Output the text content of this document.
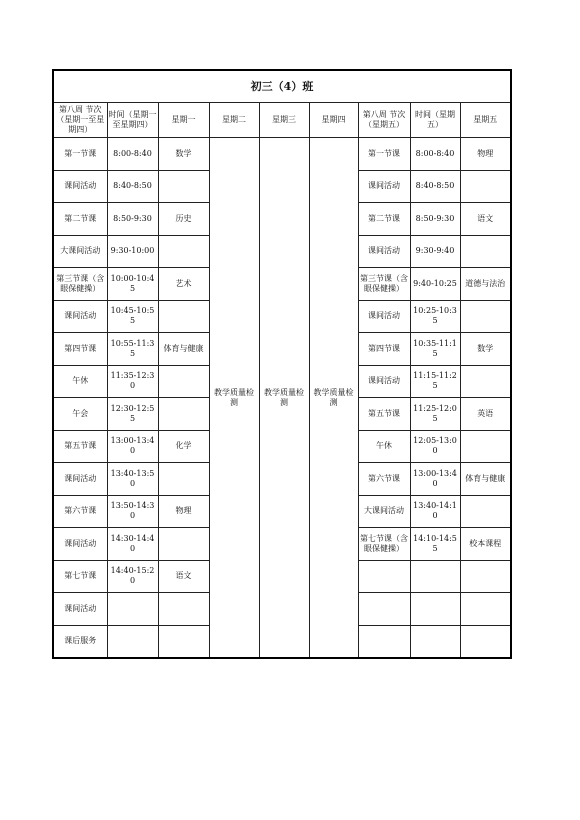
初三（4）班								
第八周 节次（星期一至星期四）	时间（星期一至星期四）	星期一	星期二	星期三	星期四	第八周 节次（星期五）	时间（星期五）	星期五
第一节课	8:00-8:40	数学	教学质量检测	教学质量检测	教学质量检测	第一节课	8:00-8:40	物理
课间活动	8:40-8:50					课间活动	8:40-8:50	
第二节课	8:50-9:30	历史				第二节课	8:50-9:30	语文
大课间活动	9:30-10:00					课间活动	9:30-9:40	
第三节课（含眼保健操）	10:00-10:45	艺术				第三节课（含眼保健操）	9:40-10:25	道德与法治
课间活动	10:45-10:55					课间活动	10:25-10:35	
第四节课	10:55-11:35	体育与健康				第四节课	10:35-11:15	数学
午休	11:35-12:30					课间活动	11:15-11:25	
午会	12:30-12:55					第五节课	11:25-12:05	英语
第五节课	13:00-13:40	化学				午休	12:05-13:00	
课间活动	13:40-13:50					第六节课	13:00-13:40	体育与健康
第六节课	13:50-14:30	物理				大课间活动	13:40-14:10	
课间活动	14:30-14:40					第七节课（含眼保健操）	14:10-14:55	校本课程
第七节课	14:40-15:20	语文						
课间活动								
课后服务								
